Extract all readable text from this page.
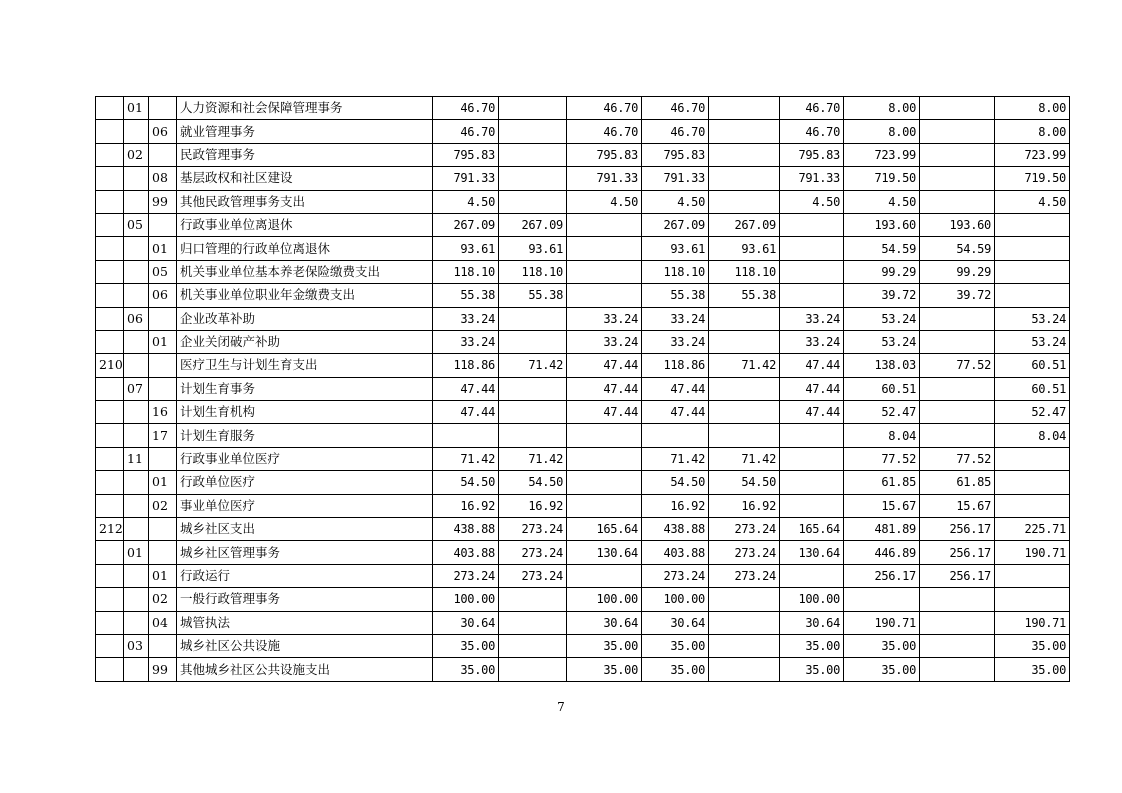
	01		人力资源和社会保障管理事务	46.70		46.70	46.70		46.70	8.00		8.00
		06	就业管理事务	46.70		46.70	46.70		46.70	8.00		8.00
	02		民政管理事务	795.83		795.83	795.83		795.83	723.99		723.99
		08	基层政权和社区建设	791.33		791.33	791.33		791.33	719.50		719.50
		99	其他民政管理事务支出	4.50		4.50	4.50		4.50	4.50		4.50
	05		行政事业单位离退休	267.09	267.09		267.09	267.09		193.60	193.60	
		01	归口管理的行政单位离退休	93.61	93.61		93.61	93.61		54.59	54.59	
		05	机关事业单位基本养老保险缴费支出	118.10	118.10		118.10	118.10		99.29	99.29	
		06	机关事业单位职业年金缴费支出	55.38	55.38		55.38	55.38		39.72	39.72	
	06		企业改革补助	33.24		33.24	33.24		33.24	53.24		53.24
		01	企业关闭破产补助	33.24		33.24	33.24		33.24	53.24		53.24
210			医疗卫生与计划生育支出	118.86	71.42	47.44	118.86	71.42	47.44	138.03	77.52	60.51
	07		计划生育事务	47.44		47.44	47.44		47.44	60.51		60.51
		16	计划生育机构	47.44		47.44	47.44		47.44	52.47		52.47
		17	计划生育服务							8.04		8.04
	11		行政事业单位医疗	71.42	71.42		71.42	71.42		77.52	77.52	
		01	行政单位医疗	54.50	54.50		54.50	54.50		61.85	61.85	
		02	事业单位医疗	16.92	16.92		16.92	16.92		15.67	15.67	
212			城乡社区支出	438.88	273.24	165.64	438.88	273.24	165.64	481.89	256.17	225.71
	01		城乡社区管理事务	403.88	273.24	130.64	403.88	273.24	130.64	446.89	256.17	190.71
		01	行政运行	273.24	273.24		273.24	273.24		256.17	256.17	
		02	一般行政管理事务	100.00		100.00	100.00		100.00			
		04	城管执法	30.64		30.64	30.64		30.64	190.71		190.71
	03		城乡社区公共设施	35.00		35.00	35.00		35.00	35.00		35.00
		99	其他城乡社区公共设施支出	35.00		35.00	35.00		35.00	35.00		35.00
7
